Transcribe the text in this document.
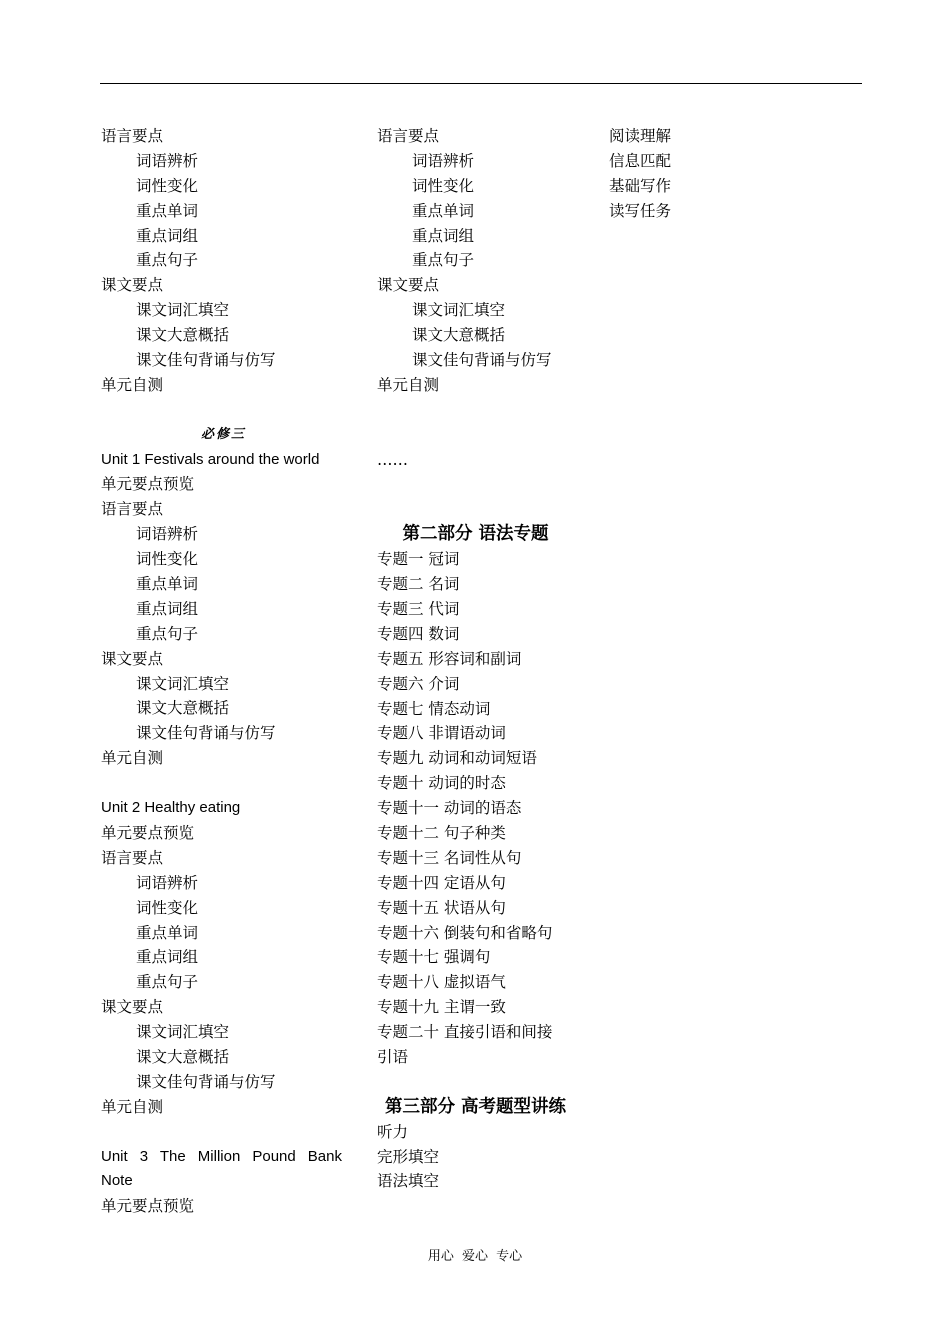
语言要点
词语辨析
词性变化
重点单词
重点词组
重点句子
课文要点
课文词汇填空
课文大意概括
课文佳句背诵与仿写
单元自测
必修三
Unit 1 Festivals around the world
单元要点预览
语言要点
词语辨析
词性变化
重点单词
重点词组
重点句子
课文要点
课文词汇填空
课文大意概括
课文佳句背诵与仿写
单元自测
Unit 2 Healthy eating
单元要点预览
语言要点
词语辨析
词性变化
重点单词
重点词组
重点句子
课文要点
课文词汇填空
课文大意概括
课文佳句背诵与仿写
单元自测
Unit 3 The Million Pound Bank Note
单元要点预览
语言要点
词语辨析
词性变化
重点单词
重点词组
重点句子
课文要点
课文词汇填空
课文大意概括
课文佳句背诵与仿写
单元自测
……
第二部分 语法专题
专题一 冠词
专题二 名词
专题三 代词
专题四 数词
专题五 形容词和副词
专题六 介词
专题七 情态动词
专题八 非谓语动词
专题九 动词和动词短语
专题十 动词的时态
专题十一 动词的语态
专题十二 句子种类
专题十三 名词性从句
专题十四 定语从句
专题十五 状语从句
专题十六 倒装句和省略句
专题十七 强调句
专题十八 虚拟语气
专题十九 主谓一致
专题二十 直接引语和间接
引语
第三部分 高考题型讲练
听力
完形填空
语法填空
阅读理解
信息匹配
基础写作
读写任务
用心 爱心 专心
